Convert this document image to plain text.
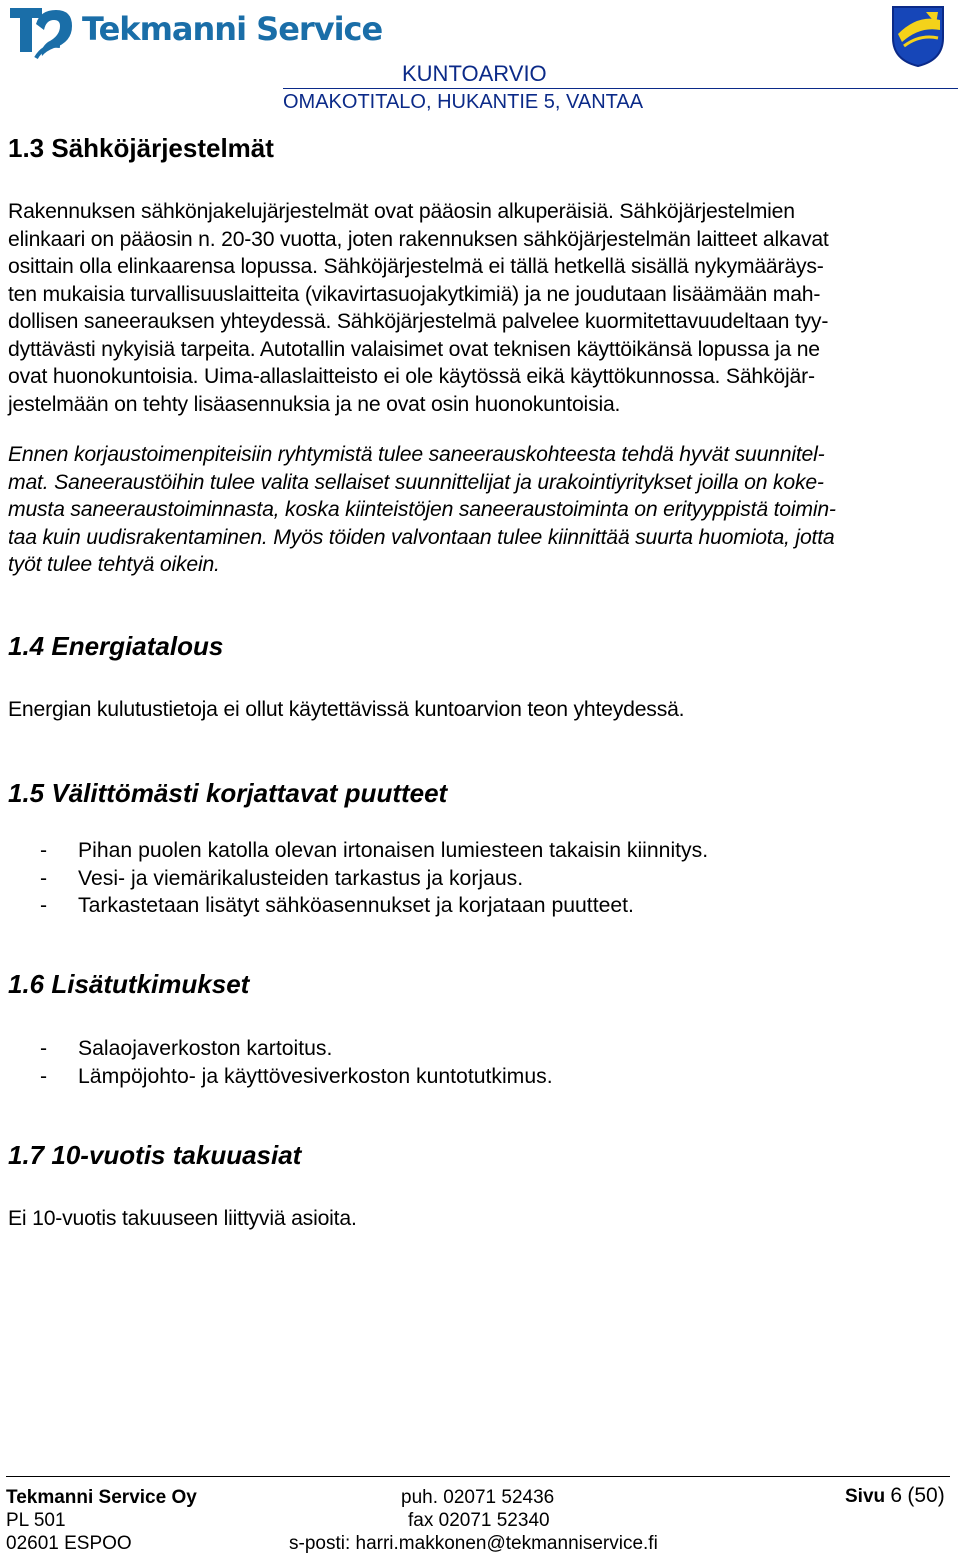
Tekmanni Service
KUNTOARVIO
OMAKOTITALO, HUKANTIE 5, VANTAA
1.3 Sähköjärjestelmät

Rakennuksen sähkönjakelujärjestelmät ovat pääosin alkuperäisiä. Sähköjärjestelmien
elinkaari on pääosin n. 20-30 vuotta, joten rakennuksen sähköjärjestelmän laitteet alkavat
osittain olla elinkaarensa lopussa. Sähköjärjestelmä ei tällä hetkellä sisällä nykymääräys-
ten mukaisia turvallisuuslaitteita (vikavirtasuojakytkimiä) ja ne joudutaan lisäämään mah-
dollisen saneerauksen yhteydessä. Sähköjärjestelmä palvelee kuormitettavuudeltaan tyy-
dyttävästi nykyisiä tarpeita. Autotallin valaisimet ovat teknisen käyttöikänsä lopussa ja ne
ovat huonokuntoisia. Uima-allaslaitteisto ei ole käytössä eikä käyttökunnossa. Sähköjär-
jestelmään on tehty lisäasennuksia ja ne ovat osin huonokuntoisia.

Ennen korjaustoimenpiteisiin ryhtymistä tulee saneerauskohteesta tehdä hyvät suunnitel-
mat. Saneeraustöihin tulee valita sellaiset suunnittelijat ja urakointiyritykset joilla on koke-
musta saneeraustoiminnasta, koska kiinteistöjen saneeraustoiminta on erityyppistä toimin-
taa kuin uudisrakentaminen. Myös töiden valvontaan tulee kiinnittää suurta huomiota, jotta
työt tulee tehtyä oikein.

1.4 Energiatalous

Energian kulutustietoja ei ollut käytettävissä kuntoarvion teon yhteydessä.

1.5 Välittömästi korjattavat puutteet
- Pihan puolen katolla olevan irtonaisen lumiesteen takaisin kiinnitys.
- Vesi- ja viemärikalusteiden tarkastus ja korjaus.
- Tarkastetaan lisätyt sähköasennukset ja korjataan puutteet.
1.6 Lisätutkimukset
- Salaojaverkoston kartoitus.
- Lämpöjohto- ja käyttövesiverkoston kuntotutkimus.
1.7 10-vuotis takuuasiat

Ei 10-vuotis takuuseen liittyviä asioita.

Tekmanni Service Oy
PL 501
02601 ESPOO
puh. 02071 52436
fax 02071 52340
s-posti: harri.makkonen@tekmanniservice.fi
Sivu 6 (50)
